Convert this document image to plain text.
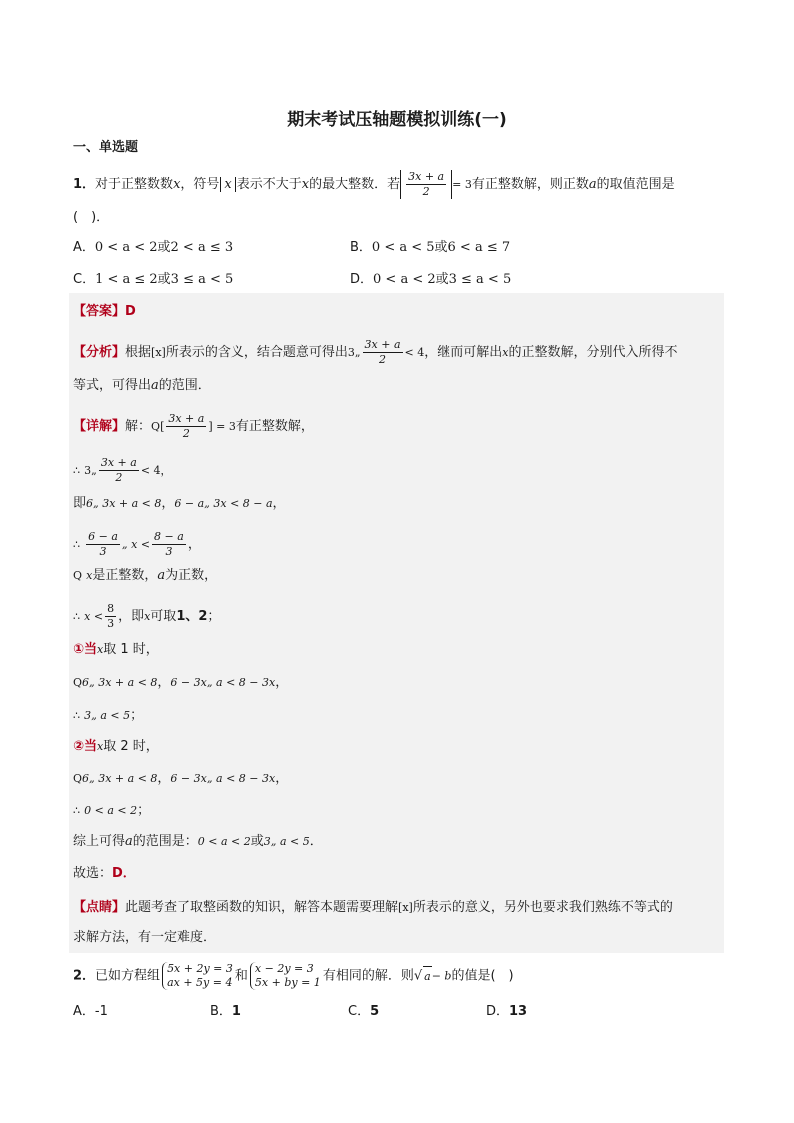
期末考试压轴题模拟训练(一)
一、单选题
1．对于正整数数x，符号 x 表示不大于x的最大整数．若 $\frac{3x + a}{2} = 3$有正整数解，则正数a的取值范围是
(　)．
A．0 < a < 2或2 < a ≤ 3	B．0 < a < 5或6 < a ≤ 7
C．1 < a ≤ 2或3 ≤ a < 5	D．0 < a < 2或3 ≤ a < 5
【答案】D
【分析】根据[x]所表示的含义，结合题意可得出3„ $\frac{3x + a}{2} < 4$，继而可解出x的正整数解，分别代入所得不
等式，可得出a的范围．
【详解】解：$Q[ \frac{3x + a}{2}$ ] = 3有正整数解，
∴ 3„ $\frac{3x + a}{2} < 4$，
即6„ 3x + a < 8，6 − a„ 3x < 8 − a，
∴ $\frac{6 - a}{3}$ „ $x < \frac{8 - a}{3}$ ，
Q x是正整数，a为正数，
∴ $x < \frac{8}{3}$ ，即x可取1、2；
①当x取 1 时，
Q6„ 3x + a < 8，6 − 3x„ a < 8 − 3x，
∴ 3„ a < 5；
②当x取 2 时，
Q6„ 3x + a < 8，6 − 3x„ a < 8 − 3x，
∴ 0 < a < 2；
综上可得a的范围是：0 < a < 2或3„ a < 5．
故选：D．
【点睛】此题考查了取整函数的知识，解答本题需要理解[x]所表示的意义，另外也要求我们熟练不等式的
求解方法，有一定难度．
2．已如方程组 5x + 2y = 3
ax + 5y = 4 和 x − 2y = 3
5x + by = 1 有相同的解．则√ a− b的值是(　)
A．-1	B．1	C．5	D．13
